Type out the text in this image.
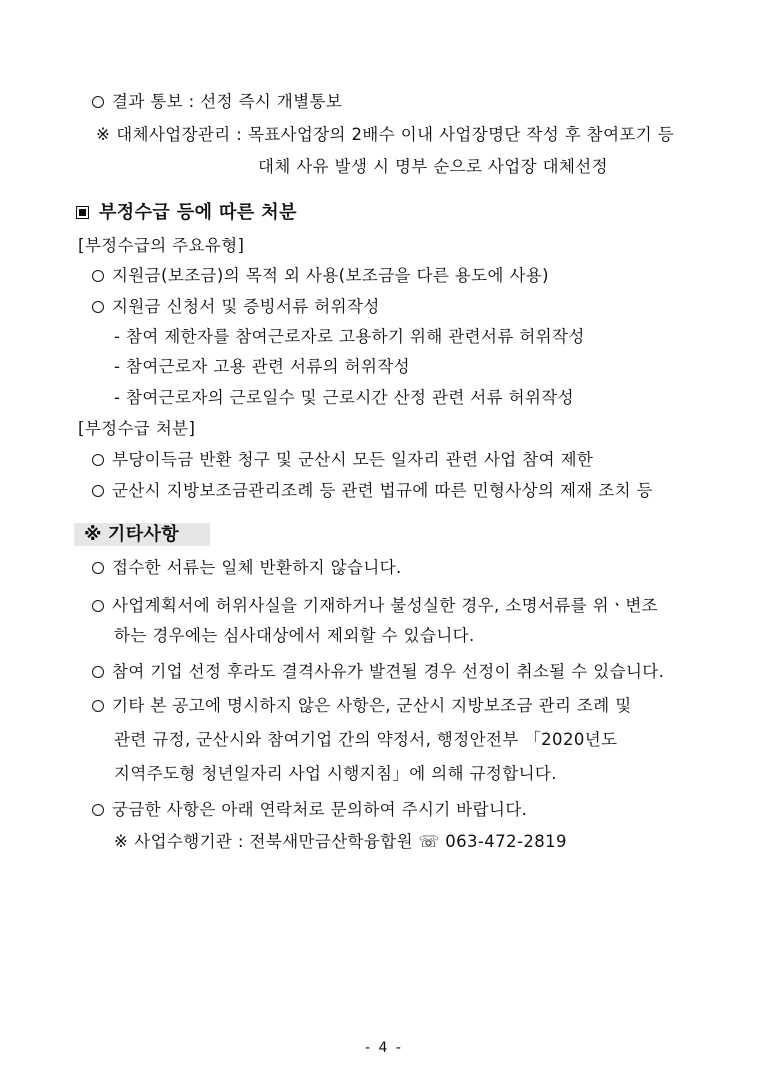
결과 통보 : 선정 즉시 개별통보
※ 대체사업장관리 : 목표사업장의 2배수 이내 사업장명단 작성 후 참여포기 등
대체 사유 발생 시 명부 순으로 사업장 대체선정
부정수급 등에 따른 처분
[부정수급의 주요유형]
지원금(보조금)의 목적 외 사용(보조금을 다른 용도에 사용)
지원금 신청서 및 증빙서류 허위작성
- 참여 제한자를 참여근로자로 고용하기 위해 관련서류 허위작성
- 참여근로자 고용 관련 서류의 허위작성
- 참여근로자의 근로일수 및 근로시간 산정 관련 서류 허위작성
[부정수급 처분]
부당이득금 반환 청구 및 군산시 모든 일자리 관련 사업 참여 제한
군산시 지방보조금관리조례 등 관련 법규에 따른 민형사상의 제재 조치 등
※ 기타사항
접수한 서류는 일체 반환하지 않습니다.
사업계획서에 허위사실을 기재하거나 불성실한 경우, 소명서류를 위ㆍ변조
하는 경우에는 심사대상에서 제외할 수 있습니다.
참여 기업 선정 후라도 결격사유가 발견될 경우 선정이 취소될 수 있습니다.
기타 본 공고에 명시하지 않은 사항은, 군산시 지방보조금 관리 조례 및
관련 규정, 군산시와 참여기업 간의 약정서, 행정안전부 「2020년도
지역주도형 청년일자리 사업 시행지침」에 의해 규정합니다.
궁금한 사항은 아래 연락처로 문의하여 주시기 바랍니다.
※ 사업수행기관 : 전북새만금산학융합원 ☏ 063-472-2819
- 4 -
